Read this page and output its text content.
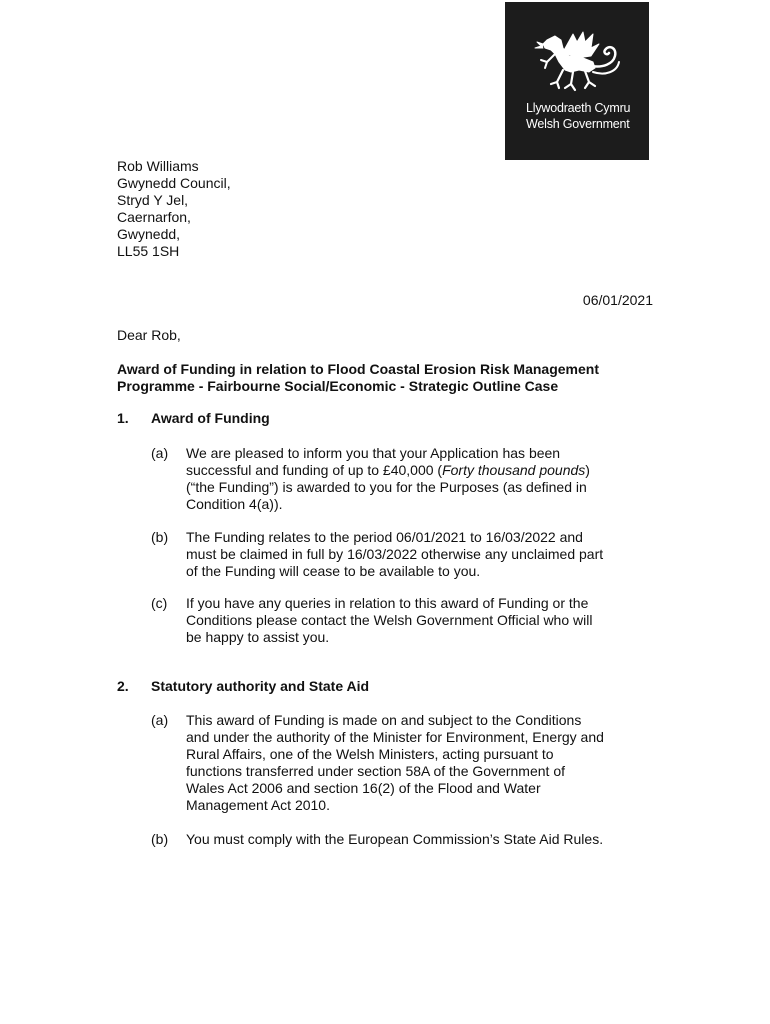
Llywodraeth Cymru
Welsh Government
Rob Williams
Gwynedd Council,
Stryd Y Jel,
Caernarfon,
Gwynedd,
LL55 1SH
06/01/2021
Dear Rob,
Award of Funding in relation to Flood Coastal Erosion Risk Management
Programme - Fairbourne Social/Economic - Strategic Outline Case
1. Award of Funding
(a) We are pleased to inform you that your Application has been
successful and funding of up to £40,000 (Forty thousand pounds)
(“the Funding”) is awarded to you for the Purposes (as defined in
Condition 4(a)).
(b) The Funding relates to the period 06/01/2021 to 16/03/2022 and
must be claimed in full by 16/03/2022 otherwise any unclaimed part
of the Funding will cease to be available to you.
(c) If you have any queries in relation to this award of Funding or the
Conditions please contact the Welsh Government Official who will
be happy to assist you.
2. Statutory authority and State Aid
(a) This award of Funding is made on and subject to the Conditions
and under the authority of the Minister for Environment, Energy and
Rural Affairs, one of the Welsh Ministers, acting pursuant to
functions transferred under section 58A of the Government of
Wales Act 2006 and section 16(2) of the Flood and Water
Management Act 2010.
(b) You must comply with the European Commission’s State Aid Rules.
